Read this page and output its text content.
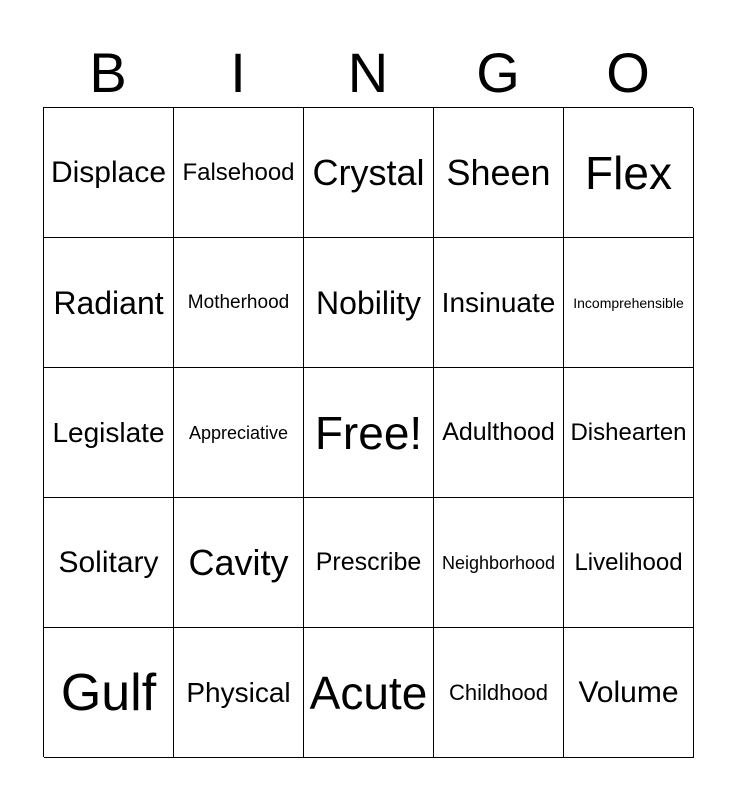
B	I	N	G	O
Displace Falsehood Crystal Sheen Flex
Radiant	Motherhood Nobility Insinuate	Incomprehensible
Legislate	Appreciative Free! Adulthood Dishearten
Solitary Cavity	Prescribe	Neighborhood Livelihood
Gulf	Physical Acute Childhood	Volume
